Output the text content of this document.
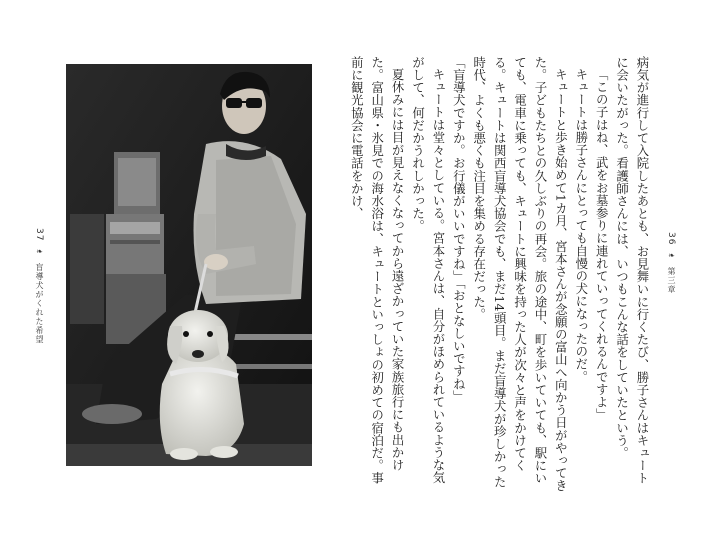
37 ❧ 盲導犬がくれた希望
36 ❧ 第三章

病気が進行して入院したあとも、お見舞いに行くたび、勝子さんはキュートに会いたがった。看護師さんには、いつもこんな話をしていたという。

「この子はね、武をお墓参りに連れていってくれるんですよ」

キュートは勝子さんにとっても自慢の犬になったのだ。

キュートと歩き始めて1カ月、宮本さんが念願の富山へ向かう日がやってきた。子どもたちとの久しぶりの再会。旅の途中、町を歩いていても、駅にいても、電車に乗っても、キュートに興味を持った人が次々と声をかけてくる。キュートは関西盲導犬協会でも、まだ14頭目。まだ盲導犬が珍しかった時代、よくも悪くも注目を集める存在だった。

「盲導犬ですか。お行儀がいいですね」「おとなしいですね」

キュートは堂々としている。宮本さんは、自分がほめられているような気がして、何だかうれしかった。

夏休みには目が見えなくなってから遠ざかっていた家族旅行にも出かけた。富山県・氷見での海水浴は、キュートといっしょの初めての宿泊だ。事前に観光協会に電話をかけ、
